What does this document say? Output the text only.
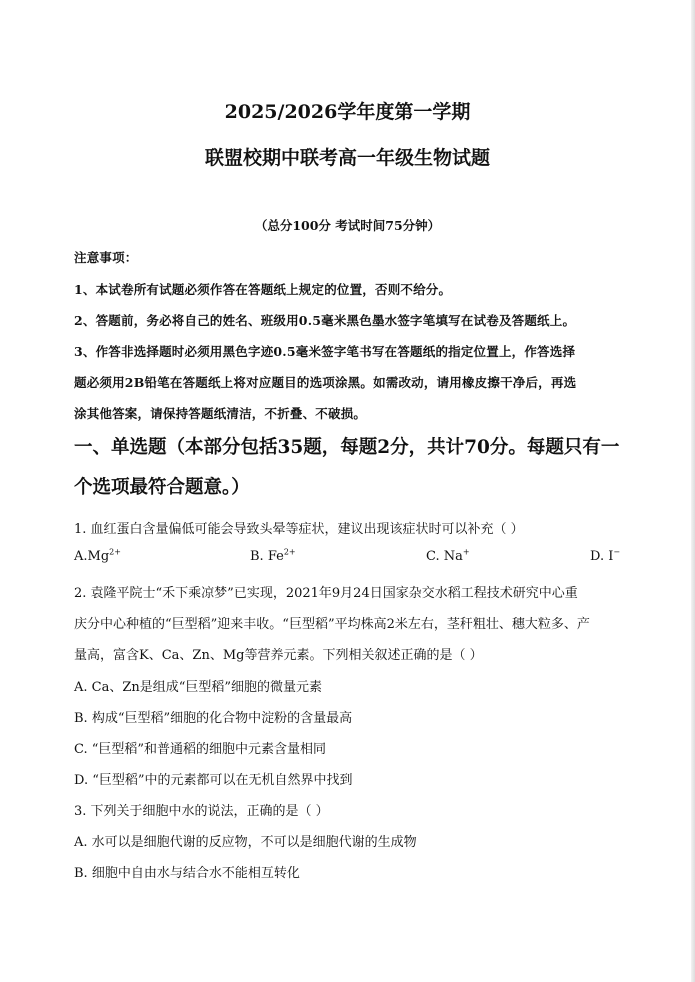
2025/2026学年度第一学期
联盟校期中联考高一年级生物试题
（总分100分 考试时间75分钟）
注意事项：
1、本试卷所有试题必须作答在答题纸上规定的位置，否则不给分。
2、答题前，务必将自己的姓名、班级用0.5毫米黑色墨水签字笔填写在试卷及答题纸上。
3、作答非选择题时必须用黑色字迹0.5毫米签字笔书写在答题纸的指定位置上，作答选择
题必须用2B铅笔在答题纸上将对应题目的选项涂黑。如需改动，请用橡皮擦干净后，再选
涂其他答案，请保持答题纸清洁，不折叠、不破损。
一、单选题（本部分包括35题，每题2分，共计70分。每题只有一
个选项最符合题意。）
1. 血红蛋白含量偏低可能会导致头晕等症状，建议出现该症状时可以补充（ ）
$A.Mg^{2+}$	B. $Fe^{2+}$	C. Na+	D. I−
2. 袁隆平院士“禾下乘凉梦”已实现，2021年9月24日国家杂交水稻工程技术研究中心重
庆分中心种植的“巨型稻”迎来丰收。“巨型稻”平均株高2米左右，茎秆粗壮、穗大粒多、产
量高，富含K、Ca、Zn、Mg等营养元素。下列相关叙述正确的是（ ）
A. Ca、Zn是组成“巨型稻”细胞的微量元素
B. 构成“巨型稻”细胞的化合物中淀粉的含量最高
C. “巨型稻”和普通稻的细胞中元素含量相同
D. “巨型稻”中的元素都可以在无机自然界中找到
3. 下列关于细胞中水的说法，正确的是（ ）
A. 水可以是细胞代谢的反应物，不可以是细胞代谢的生成物
B. 细胞中自由水与结合水不能相互转化
